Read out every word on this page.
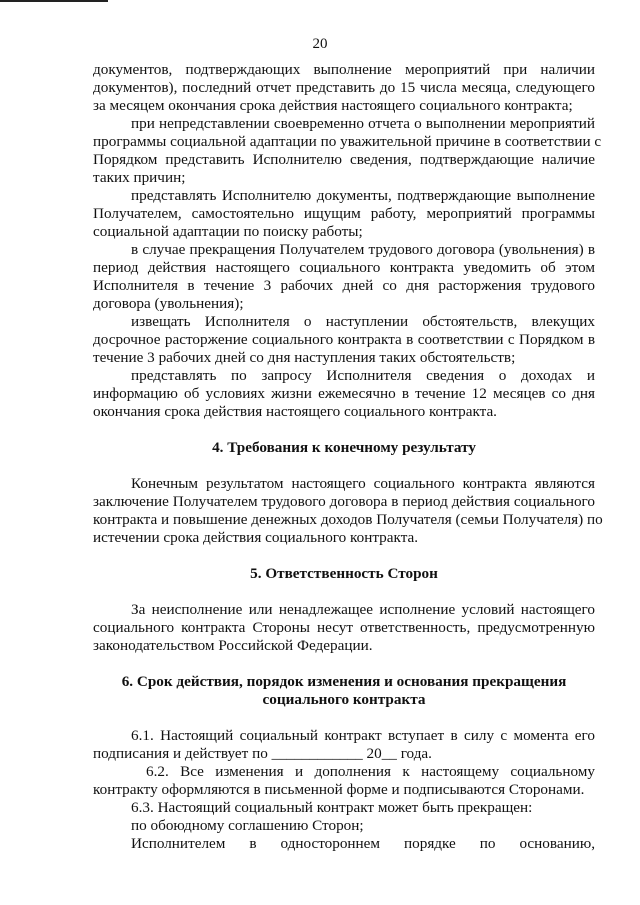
20
документов, подтверждающих выполнение мероприятий при наличии
документов), последний отчет представить до 15 числа месяца, следующего
за месяцем окончания срока действия настоящего социального контракта;
при непредставлении своевременно отчета о выполнении мероприятий
программы социальной адаптации по уважительной причине в соответствии с
Порядком представить Исполнителю сведения, подтверждающие наличие
таких причин;
представлять Исполнителю документы, подтверждающие выполнение
Получателем, самостоятельно ищущим работу, мероприятий программы
социальной адаптации по поиску работы;
в случае прекращения Получателем трудового договора (увольнения) в
период действия настоящего социального контракта уведомить об этом
Исполнителя в течение 3 рабочих дней со дня расторжения трудового
договора (увольнения);
извещать Исполнителя о наступлении обстоятельств, влекущих
досрочное расторжение социального контракта в соответствии с Порядком в
течение 3 рабочих дней со дня наступления таких обстоятельств;
представлять по запросу Исполнителя сведения о доходах и
информацию об условиях жизни ежемесячно в течение 12 месяцев со дня
окончания срока действия настоящего социального контракта.
4. Требования к конечному результату
Конечным результатом настоящего социального контракта являются
заключение Получателем трудового договора в период действия социального
контракта и повышение денежных доходов Получателя (семьи Получателя) по
истечении срока действия социального контракта.
5. Ответственность Сторон
За неисполнение или ненадлежащее исполнение условий настоящего
социального контракта Стороны несут ответственность, предусмотренную
законодательством Российской Федерации.
6. Срок действия, порядок изменения и основания прекращения
социального контракта
6.1. Настоящий социальный контракт вступает в силу с момента его
подписания и действует по ____________ 20__ года.
6.2. Все изменения и дополнения к настоящему социальному
контракту оформляются в письменной форме и подписываются Сторонами.
6.3. Настоящий социальный контракт может быть прекращен:
по обоюдному соглашению Сторон;
Исполнителем в одностороннем порядке по основанию,
